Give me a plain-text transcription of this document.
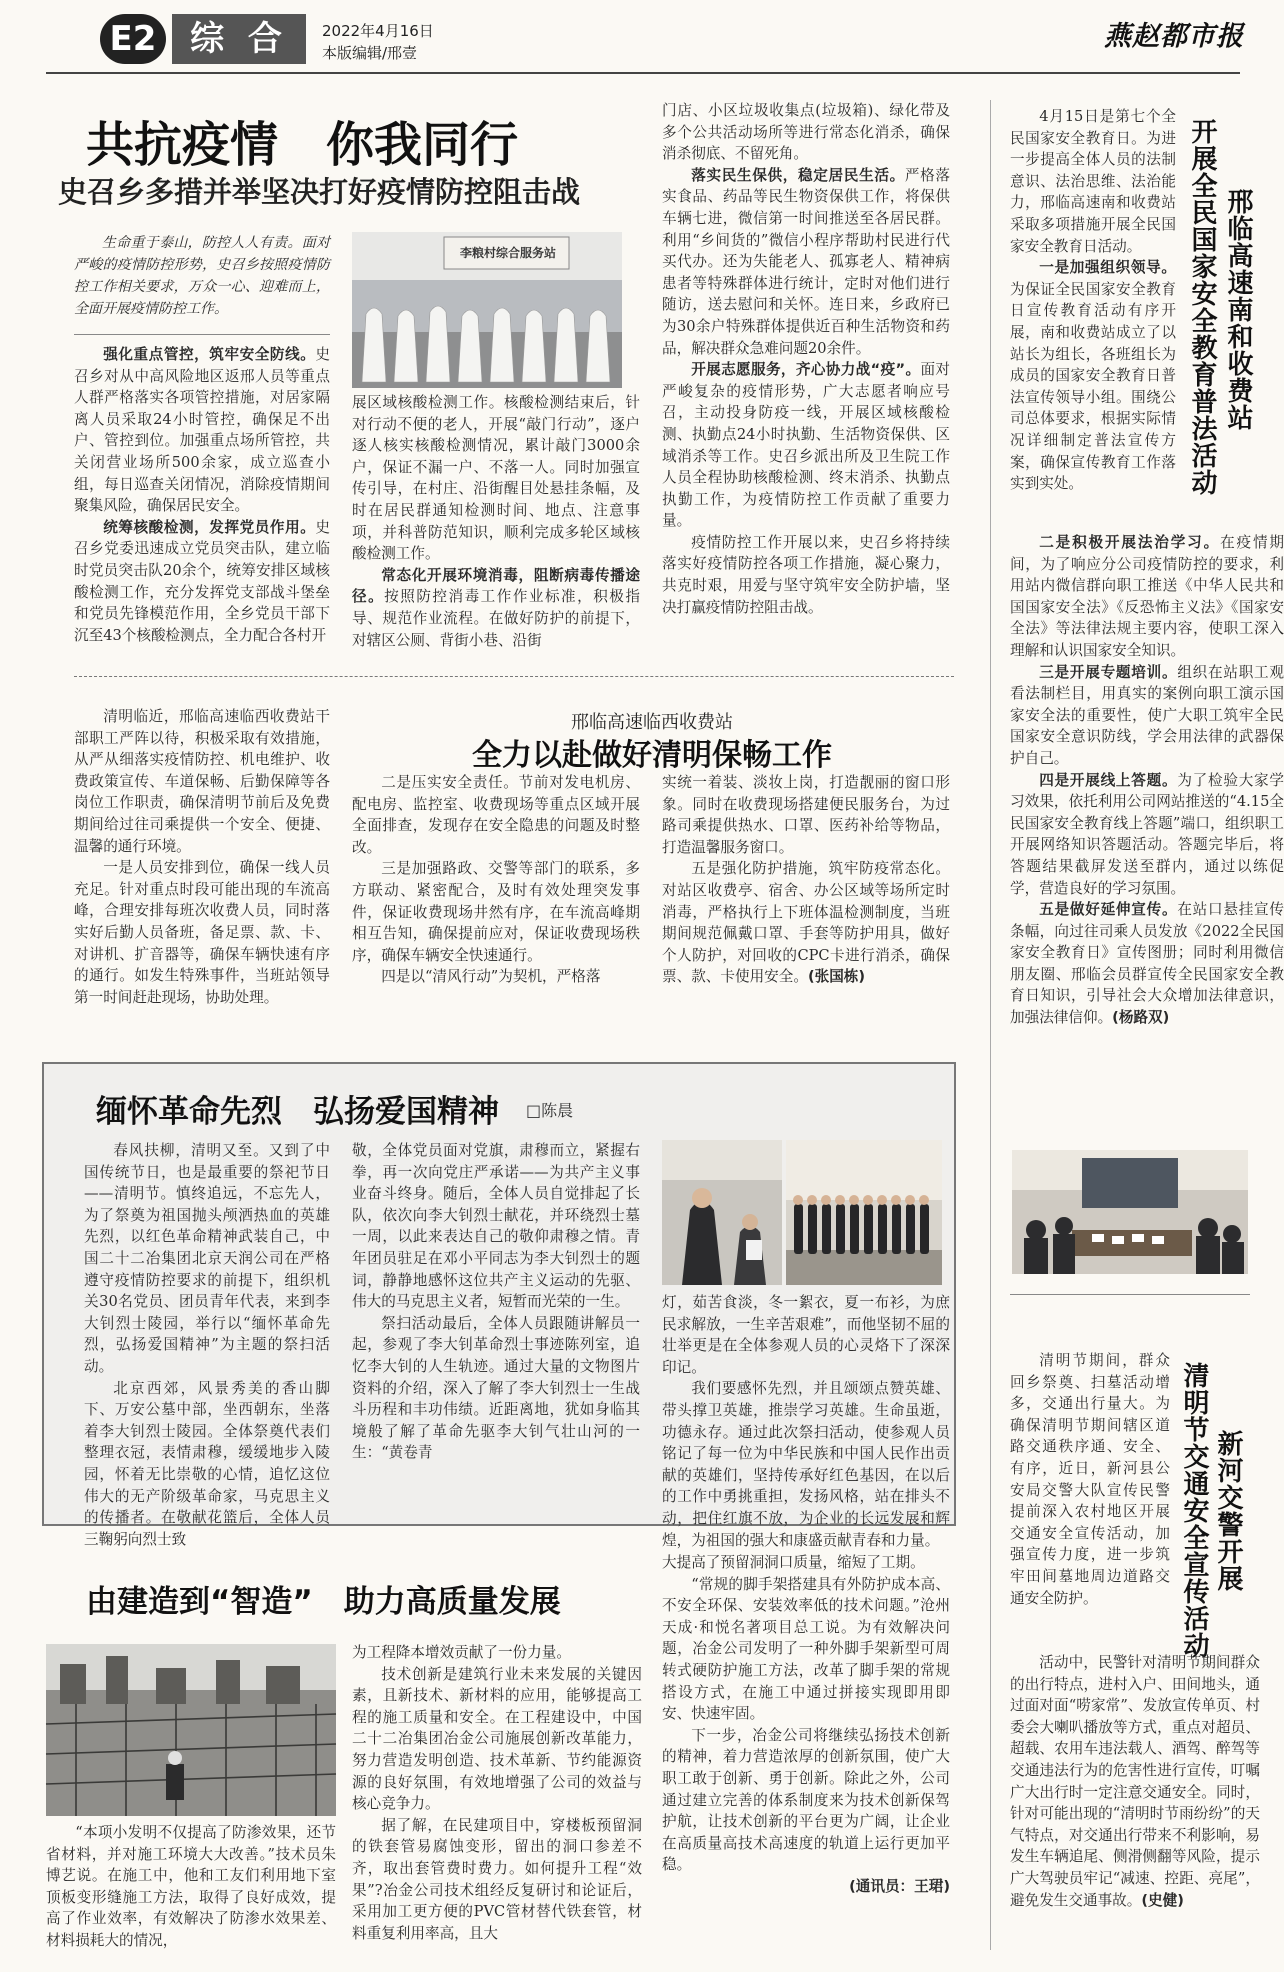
E2 综 合	2022年4月16日
本版编辑/邢壹
燕赵都市报
共抗疫情　你我同行
史召乡多措并举坚决打好疫情防控阻击战

生命重于泰山，防控人人有责。面对严峻的疫情防控形势，史召乡按照疫情防控工作相关要求，万众一心、迎难而上，全面开展疫情防控工作。

李粮村综合服务站

强化重点管控，筑牢安全防线。史召乡对从中高风险地区返邢人员等重点人群严格落实各项管控措施，对居家隔离人员采取24小时管控，确保足不出户、管控到位。加强重点场所管控，共关闭营业场所500余家，成立巡查小组，每日巡查关闭情况，消除疫情期间聚集风险，确保居民安全。

统筹核酸检测，发挥党员作用。史召乡党委迅速成立党员突击队，建立临时党员突击队20余个，统筹安排区域核酸检测工作，充分发挥党支部战斗堡垒和党员先锋模范作用，全乡党员干部下沉至43个核酸检测点，全力配合各村开

展区域核酸检测工作。核酸检测结束后，针对行动不便的老人，开展“敲门行动”，逐户逐人核实核酸检测情况，累计敲门3000余户，保证不漏一户、不落一人。同时加强宣传引导，在村庄、沿街醒目处悬挂条幅，及时在居民群通知检测时间、地点、注意事项，并科普防范知识，顺利完成多轮区域核酸检测工作。

常态化开展环境消毒，阻断病毒传播途径。按照防控消毒工作作业标准，积极指导、规范作业流程。在做好防护的前提下，对辖区公厕、背街小巷、沿街

门店、小区垃圾收集点(垃圾箱)、绿化带及多个公共活动场所等进行常态化消杀，确保消杀彻底、不留死角。

落实民生保供，稳定居民生活。严格落实食品、药品等民生物资保供工作，将保供车辆七进，微信第一时间推送至各居民群。利用“乡间货的”微信小程序帮助村民进行代买代办。还为失能老人、孤寡老人、精神病患者等特殊群体进行统计，定时对他们进行随访，送去慰问和关怀。连日来，乡政府已为30余户特殊群体提供近百种生活物资和药品，解决群众急难问题20余件。

开展志愿服务，齐心协力战“疫”。面对严峻复杂的疫情形势，广大志愿者响应号召，主动投身防疫一线，开展区域核酸检测、执勤点24小时执勤、生活物资保供、区域消杀等工作。史召乡派出所及卫生院工作人员全程协助核酸检测、终末消杀、执勤点执勤工作，为疫情防控工作贡献了重要力量。

疫情防控工作开展以来，史召乡将持续落实好疫情防控各项工作措施，凝心聚力，共克时艰，用爱与坚守筑牢安全防护墙，坚决打赢疫情防控阻击战。

邢临高速临西收费站
全力以赴做好清明保畅工作

清明临近，邢临高速临西收费站干部职工严阵以待，积极采取有效措施，从严从细落实疫情防控、机电维护、收费政策宣传、车道保畅、后勤保障等各岗位工作职责，确保清明节前后及免费期间给过往司乘提供一个安全、便捷、温馨的通行环境。

一是人员安排到位，确保一线人员充足。针对重点时段可能出现的车流高峰，合理安排每班次收费人员，同时落实好后勤人员备班，备足票、款、卡、对讲机、扩音器等，确保车辆快速有序的通行。如发生特殊事件，当班站领导第一时间赶赴现场，协助处理。

二是压实安全责任。节前对发电机房、配电房、监控室、收费现场等重点区域开展全面排查，发现存在安全隐患的问题及时整改。

三是加强路政、交警等部门的联系，多方联动、紧密配合，及时有效处理突发事件，保证收费现场井然有序，在车流高峰期相互告知，确保提前应对，保证收费现场秩序，确保车辆安全快速通行。

四是以“清风行动”为契机，严格落

实统一着装、淡妆上岗，打造靓丽的窗口形象。同时在收费现场搭建便民服务台，为过路司乘提供热水、口罩、医药补给等物品，打造温馨服务窗口。

五是强化防护措施，筑牢防疫常态化。对站区收费亭、宿舍、办公区域等场所定时消毒，严格执行上下班体温检测制度，当班期间规范佩戴口罩、手套等防护用具，做好个人防护，对回收的CPC卡进行消杀，确保票、款、卡使用安全。(张国栋)

缅怀革命先烈　弘扬爱国精神	□陈晨

春风扶柳，清明又至。又到了中国传统节日，也是最重要的祭祀节日——清明节。慎终追远，不忘先人，为了祭奠为祖国抛头颅洒热血的英雄先烈，以红色革命精神武装自己，中国二十二冶集团北京天润公司在严格遵守疫情防控要求的前提下，组织机关30名党员、团员青年代表，来到李大钊烈士陵园，举行以“缅怀革命先烈，弘扬爱国精神”为主题的祭扫活动。

北京西郊，风景秀美的香山脚下、万安公墓中部，坐西朝东，坐落着李大钊烈士陵园。全体祭奠代表们整理衣冠，表情肃穆，缓缓地步入陵园，怀着无比崇敬的心情，追忆这位伟大的无产阶级革命家，马克思主义的传播者。在敬献花篮后，全体人员三鞠躬向烈士致

敬，全体党员面对党旗，肃穆而立，紧握右拳，再一次向党庄严承诺——为共产主义事业奋斗终身。随后，全体人员自觉排起了长队，依次向李大钊烈士献花，并环绕烈士墓一周，以此来表达自己的敬仰肃穆之情。青年团员驻足在邓小平同志为李大钊烈士的题词，静静地感怀这位共产主义运动的先驱、伟大的马克思主义者，短暂而光荣的一生。

祭扫活动最后，全体人员跟随讲解员一起，参观了李大钊革命烈士事迹陈列室，追忆李大钊的人生轨迹。通过大量的文物图片资料的介绍，深入了解了李大钊烈士一生战斗历程和丰功伟绩。近距离地，犹如身临其境般了解了革命先驱李大钊气壮山河的一生：“黄卷青

灯，茹苦食淡，冬一絮衣，夏一布衫，为庶民求解放，一生辛苦艰难”，而他坚韧不屈的壮举更是在全体参观人员的心灵烙下了深深印记。

我们要感怀先烈，并且颂颂点赞英雄、带头撑卫英雄，推崇学习英雄。生命虽逝，功德永存。通过此次祭扫活动，使参观人员铭记了每一位为中华民族和中国人民作出贡献的英雄们，坚持传承好红色基因，在以后的工作中勇挑重担，发扬风格，站在排头不动，把住红旗不放，为企业的长远发展和辉煌，为祖国的强大和康盛贡献青春和力量。

由建造到“智造”　助力高质量发展

“本项小发明不仅提高了防渗效果，还节省材料，并对施工环境大大改善。”技术员朱博艺说。在施工中，他和工友们利用地下室顶板变形缝施工方法，取得了良好成效，提高了作业效率，有效解决了防渗水效果差、材料损耗大的情况，

为工程降本增效贡献了一份力量。

技术创新是建筑行业未来发展的关键因素，且新技术、新材料的应用，能够提高工程的施工质量和安全。在工程建设中，中国二十二冶集团冶金公司施展创新改革能力，努力营造发明创造、技术革新、节约能源资源的良好氛围，有效地增强了公司的效益与核心竞争力。

据了解，在民建项目中，穿楼板预留洞的铁套管易腐蚀变形，留出的洞口参差不齐，取出套管费时费力。如何提升工程“效果”?冶金公司技术组经反复研讨和论证后，采用加工更方便的PVC管材替代铁套管，材料重复利用率高，且大

大提高了预留洞洞口质量，缩短了工期。

“常规的脚手架搭建具有外防护成本高、不安全环保、安装效率低的技术问题。”沧州天成·和悦名著项目总工说。为有效解决问题，冶金公司发明了一种外脚手架新型可周转式硬防护施工方法，改革了脚手架的常规搭设方式，在施工中通过拼接实现即用即安、快速牢固。

下一步，冶金公司将继续弘扬技术创新的精神，着力营造浓厚的创新氛围，使广大职工敢于创新、勇于创新。除此之外，公司通过建立完善的体系制度来为技术创新保驾护航，让技术创新的平台更为广阔，让企业在高质量高技术高速度的轨道上运行更加平稳。

(通讯员：王珺)

邢临高速南和收费站
开展全民国家安全教育普法活动

4月15日是第七个全民国家安全教育日。为进一步提高全体人员的法制意识、法治思维、法治能力，邢临高速南和收费站采取多项措施开展全民国家安全教育日活动。

一是加强组织领导。为保证全民国家安全教育日宣传教育活动有序开展，南和收费站成立了以站长为组长，各班组长为成员的国家安全教育日普法宣传领导小组。围绕公司总体要求，根据实际情况详细制定普法宣传方案，确保宣传教育工作落实到实处。

二是积极开展法治学习。在疫情期间，为了响应分公司疫情防控的要求，利用站内微信群向职工推送《中华人民共和国国家安全法》《反恐怖主义法》《国家安全法》等法律法规主要内容，使职工深入理解和认识国家安全知识。

三是开展专题培训。组织在站职工观看法制栏目，用真实的案例向职工演示国家安全法的重要性，使广大职工筑牢全民国家安全意识防线，学会用法律的武器保护自己。

四是开展线上答题。为了检验大家学习效果，依托利用公司网站推送的“4.15全民国家安全教育线上答题”端口，组织职工开展网络知识答题活动。答题完毕后，将答题结果截屏发送至群内，通过以练促学，营造良好的学习氛围。

五是做好延伸宣传。在站口悬挂宣传条幅，向过往司乘人员发放《2022全民国家安全教育日》宣传图册；同时利用微信朋友圈、邢临会员群宣传全民国家安全教育日知识，引导社会大众增加法律意识，加强法律信仰。(杨路双)

新河交警开展
清明节交通安全宣传活动

清明节期间，群众回乡祭奠、扫墓活动增多，交通出行量大。为确保清明节期间辖区道路交通秩序通、安全、有序，近日，新河县公安局交警大队宣传民警提前深入农村地区开展交通安全宣传活动，加强宣传力度，进一步筑牢田间墓地周边道路交通安全防护。

活动中，民警针对清明节期间群众的出行特点，进村入户、田间地头，通过面对面“唠家常”、发放宣传单页、村委会大喇叭播放等方式，重点对超员、超载、农用车违法载人、酒驾、醉驾等交通违法行为的危害性进行宣传，叮嘱广大出行时一定注意交通安全。同时，针对可能出现的“清明时节雨纷纷”的天气特点，对交通出行带来不利影响，易发生车辆追尾、侧滑侧翻等风险，提示广大驾驶员牢记“减速、控距、亮尾”，避免发生交通事故。(史健)
